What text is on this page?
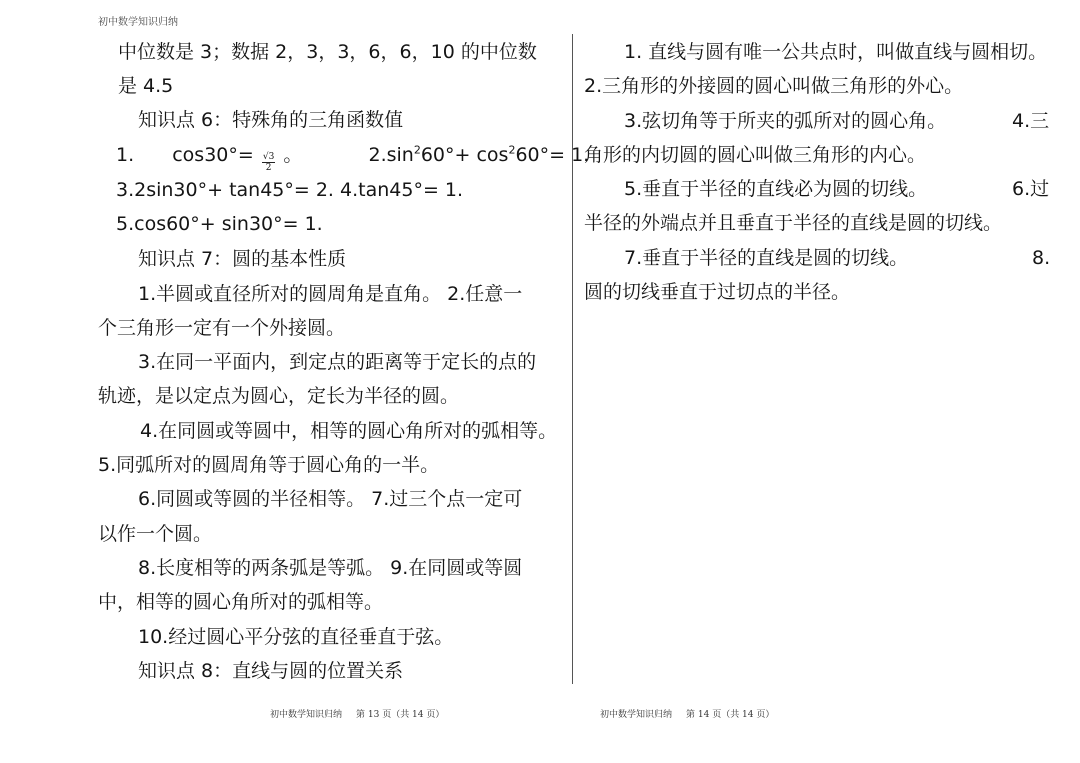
初中数学知识归纳
中位数是 3；数据 2，3，3，6，6，10 的中位数
是 4.5
知识点 6：特殊角的三角函数值
1. $\cos 30^\circ= \frac{√3}{2}$ 。	$2.\sin^260^\circ+ \cos^260^\circ= 1$.
3.2sin30°+ tan45°= 2. 4.tan45°= 1.
5.cos60°+ sin30°= 1.
知识点 7：圆的基本性质
1.半圆或直径所对的圆周角是直角。 2.任意一
个三角形一定有一个外接圆。
3.在同一平面内，到定点的距离等于定长的点的
轨迹，是以定点为圆心，定长为半径的圆。
4.在同圆或等圆中，相等的圆心角所对的弧相等。
5.同弧所对的圆周角等于圆心角的一半。
6.同圆或等圆的半径相等。 7.过三个点一定可
以作一个圆。
8.长度相等的两条弧是等弧。 9.在同圆或等圆
中，相等的圆心角所对的弧相等。
10.经过圆心平分弦的直径垂直于弦。
知识点 8：直线与圆的位置关系
1. 直线与圆有唯一公共点时，叫做直线与圆相切。
2.三角形的外接圆的圆心叫做三角形的外心。
3.弦切角等于所夹的弧所对的圆心角。	4.三
角形的内切圆的圆心叫做三角形的内心。
5.垂直于半径的直线必为圆的切线。	6.过
半径的外端点并且垂直于半径的直线是圆的切线。
7.垂直于半径的直线是圆的切线。	8.
圆的切线垂直于过切点的半径。
初中数学知识归纳 第 13 页（共 14 页）	初中数学知识归纳 第 14 页（共 14 页）
